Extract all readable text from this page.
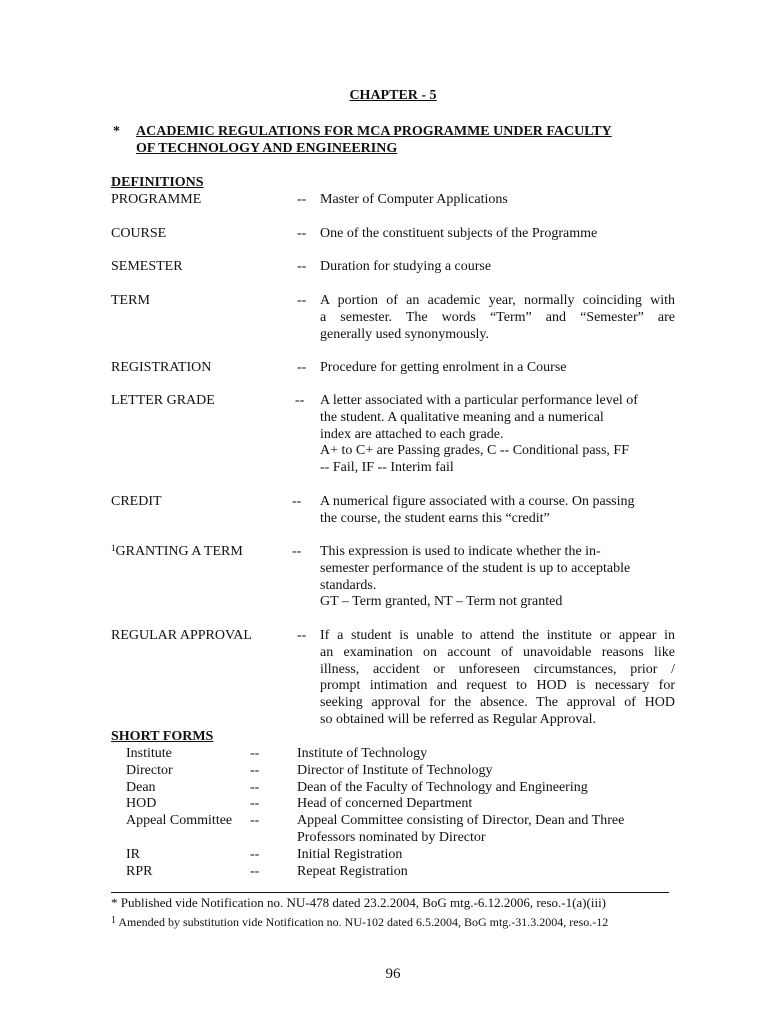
CHAPTER - 5
* ACADEMIC REGULATIONS FOR MCA PROGRAMME UNDER FACULTY
OF TECHNOLOGY AND ENGINEERING
DEFINITIONS
PROGRAMME	-- Master of Computer Applications
COURSE	-- One of the constituent subjects of the Programme
SEMESTER	-- Duration for studying a course
TERM	-- A portion of an academic year, normally coinciding with
a semester. The words “Term” and “Semester” are
generally used synonymously.
REGISTRATION	-- Procedure for getting enrolment in a Course
LETTER GRADE	-- A letter associated with a particular performance level of
the student. A qualitative meaning and a numerical
index are attached to each grade.
A+ to C+ are Passing grades, C -- Conditional pass, FF
-- Fail, IF -- Interim fail
CREDIT	-- A numerical figure associated with a course. On passing
the course, the student earns this “credit”
$^1$GRANTING A TERM	-- This expression is used to indicate whether the in-
semester performance of the student is up to acceptable
standards.
GT – Term granted, NT – Term not granted
REGULAR APPROVAL	-- If a student is unable to attend the institute or appear in
an examination on account of unavoidable reasons like
illness, accident or unforeseen circumstances, prior /
prompt intimation and request to HOD is necessary for
seeking approval for the absence. The approval of HOD
so obtained will be referred as Regular Approval.
SHORT FORMS
Institute	--	Institute of Technology
Director	--	Director of Institute of Technology
Dean	--	Dean of the Faculty of Technology and Engineering
HOD	--	Head of concerned Department
Appeal Committee --	Appeal Committee consisting of Director, Dean and Three
Professors nominated by Director
IR	--	Initial Registration
RPR	--	Repeat Registration
* Published vide Notification no. NU-478 dated 23.2.2004, BoG mtg.-6.12.2006, reso.-1(a)(iii)
$^1$ Amended by substitution vide Notification no. NU-102 dated 6.5.2004, BoG mtg.-31.3.2004, reso.-12
96
